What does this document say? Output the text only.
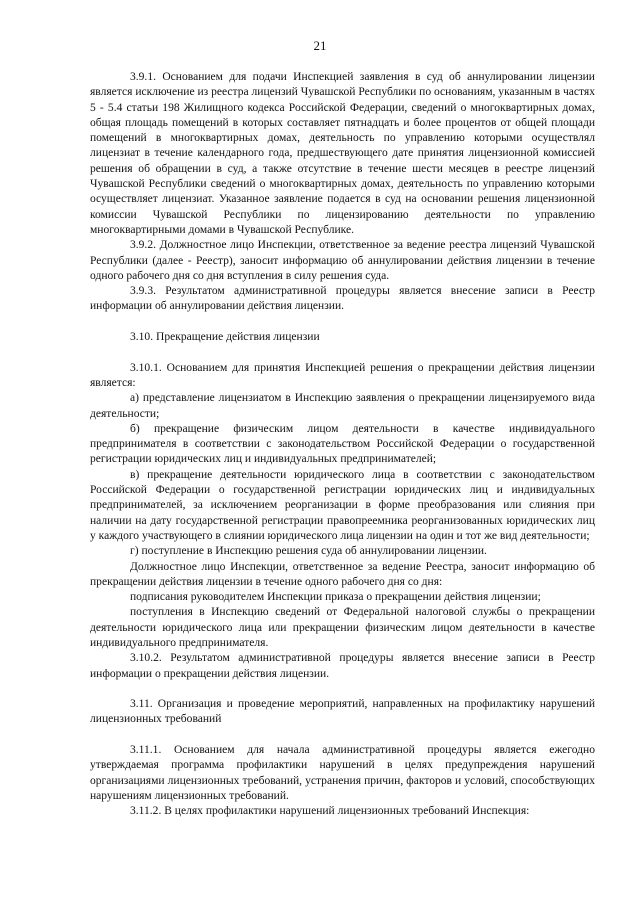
21

3.9.1. Основанием для подачи Инспекцией заявления в суд об аннулировании лицензии является исключение из реестра лицензий Чувашской Республики по основаниям, указанным в частях 5 - 5.4 статьи 198 Жилищного кодекса Российской Федерации, сведений о многоквартирных домах, общая площадь помещений в которых составляет пятнадцать и более процентов от общей площади помещений в многоквартирных домах, деятельность по управлению которыми осуществлял лицензиат в течение календарного года, предшествующего дате принятия лицензионной комиссией решения об обращении в суд, а также отсутствие в течение шести месяцев в реестре лицензий Чувашской Республики сведений о многоквартирных домах, деятельность по управлению которыми осуществляет лицензиат. Указанное заявление подается в суд на основании решения лицензионной комиссии Чувашской Республики по лицензированию деятельности по управлению многоквартирными домами в Чувашской Республике.

3.9.2. Должностное лицо Инспекции, ответственное за ведение реестра лицензий Чувашской Республики (далее - Реестр), заносит информацию об аннулировании действия лицензии в течение одного рабочего дня со дня вступления в силу решения суда.

3.9.3. Результатом административной процедуры является внесение записи в Реестр информации об аннулировании действия лицензии.

3.10. Прекращение действия лицензии

3.10.1. Основанием для принятия Инспекцией решения о прекращении действия лицензии является:

а) представление лицензиатом в Инспекцию заявления о прекращении лицензируемого вида деятельности;

б) прекращение физическим лицом деятельности в качестве индивидуального предпринимателя в соответствии с законодательством Российской Федерации о государственной регистрации юридических лиц и индивидуальных предпринимателей;

в) прекращение деятельности юридического лица в соответствии с законодательством Российской Федерации о государственной регистрации юридических лиц и индивидуальных предпринимателей, за исключением реорганизации в форме преобразования или слияния при наличии на дату государственной регистрации правопреемника реорганизованных юридических лиц у каждого участвующего в слиянии юридического лица лицензии на один и тот же вид деятельности;

г) поступление в Инспекцию решения суда об аннулировании лицензии.

Должностное лицо Инспекции, ответственное за ведение Реестра, заносит информацию об прекращении действия лицензии в течение одного рабочего дня со дня:

подписания руководителем Инспекции приказа о прекращении действия лицензии;

поступления в Инспекцию сведений от Федеральной налоговой службы о прекращении деятельности юридического лица или прекращении физическим лицом деятельности в качестве индивидуального предпринимателя.

3.10.2. Результатом административной процедуры является внесение записи в Реестр информации о прекращении действия лицензии.

3.11. Организация и проведение мероприятий, направленных на профилактику нарушений лицензионных требований

3.11.1. Основанием для начала административной процедуры является ежегодно утверждаемая программа профилактики нарушений в целях предупреждения нарушений организациями лицензионных требований, устранения причин, факторов и условий, способствующих нарушениям лицензионных требований.

3.11.2. В целях профилактики нарушений лицензионных требований Инспекция:
